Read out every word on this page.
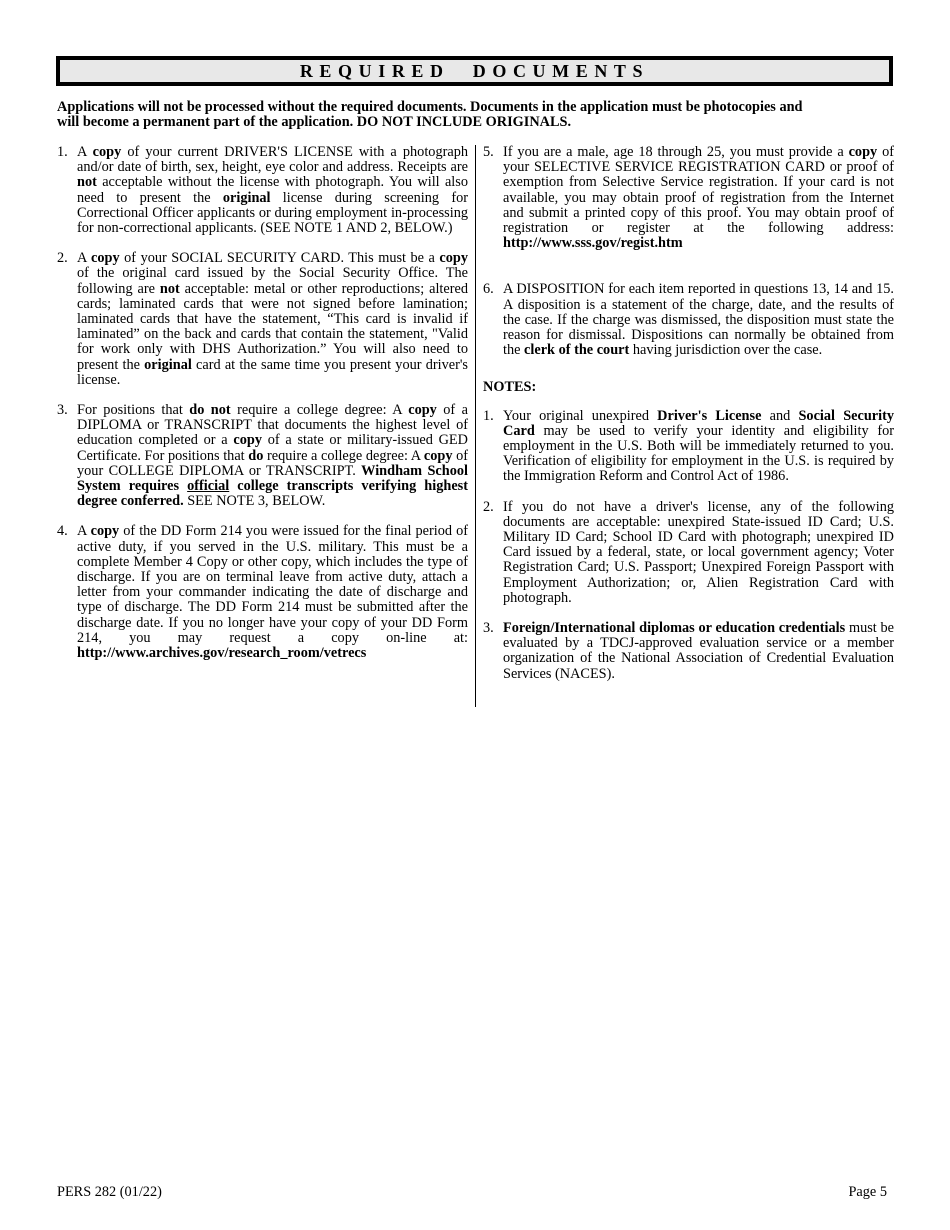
REQUIRED DOCUMENTS

Applications will not be processed without the required documents. Documents in the application must be photocopies and

will become a permanent part of the application. DO NOT INCLUDE ORIGINALS.

1. A copy of your current DRIVER'S LICENSE with a photograph and/or date of birth, sex, height, eye color and address. Receipts are not acceptable without the license with photograph. You will also need to present the original license during screening for Correctional Officer applicants or during employment in-processing for non-correctional applicants. (SEE NOTE 1 AND 2, BELOW.)

2. A copy of your SOCIAL SECURITY CARD. This must be a copy of the original card issued by the Social Security Office. The following are not acceptable: metal or other reproductions; altered cards; laminated cards that were not signed before lamination; laminated cards that have the statement, “This card is invalid if laminated” on the back and cards that contain the statement, "Valid for work only with DHS Authorization.” You will also need to present the original card at the same time you present your driver's license.

3. For positions that do not require a college degree: A copy of a DIPLOMA or TRANSCRIPT that documents the highest level of education completed or a copy of a state or military-issued GED Certificate. For positions that do require a college degree: A copy of your COLLEGE DIPLOMA or TRANSCRIPT. Windham School System requires official college transcripts verifying highest degree conferred. SEE NOTE 3, BELOW.

4. A copy of the DD Form 214 you were issued for the final period of active duty, if you served in the U.S. military. This must be a complete Member 4 Copy or other copy, which includes the type of discharge. If you are on terminal leave from active duty, attach a letter from your commander indicating the date of discharge and type of discharge. The DD Form 214 must be submitted after the discharge date. If you no longer have your copy of your DD Form 214, you may request a copy on-line at: http://www.archives.gov/research_room/vetrecs

5. If you are a male, age 18 through 25, you must provide a copy of your SELECTIVE SERVICE REGISTRATION CARD or proof of exemption from Selective Service registration. If your card is not available, you may obtain proof of registration from the Internet and submit a printed copy of this proof. You may obtain proof of registration or register at the following address: http://www.sss.gov/regist.htm

6. A DISPOSITION for each item reported in questions 13, 14 and 15. A disposition is a statement of the charge, date, and the results of the case. If the charge was dismissed, the disposition must state the reason for dismissal. Dispositions can normally be obtained from the clerk of the court having jurisdiction over the case.

NOTES:
1. Your original unexpired Driver's License and Social Security Card may be used to verify your identity and eligibility for employment in the U.S. Both will be immediately returned to you. Verification of eligibility for employment in the U.S. is required by the Immigration Reform and Control Act of 1986.

2. If you do not have a driver's license, any of the following documents are acceptable: unexpired State-issued ID Card; U.S. Military ID Card; School ID Card with photograph; unexpired ID Card issued by a federal, state, or local government agency; Voter Registration Card; U.S. Passport; Unexpired Foreign Passport with Employment Authorization; or, Alien Registration Card with photograph.

3. Foreign/International diplomas or education credentials must be evaluated by a TDCJ-approved evaluation service or a member organization of the National Association of Credential Evaluation Services (NACES).

PERS 282 (01/22)	Page 5
